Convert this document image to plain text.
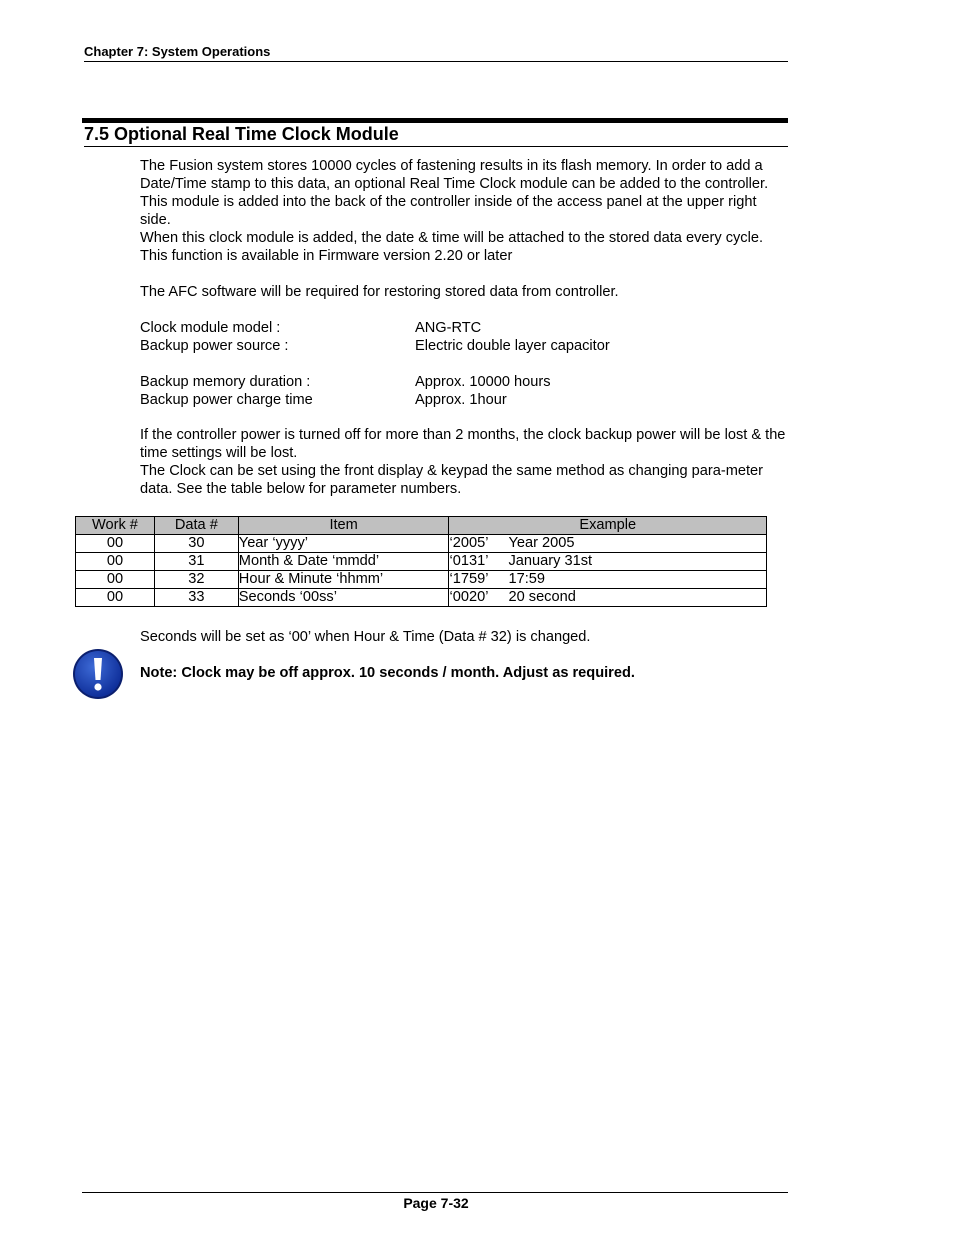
Chapter 7: System Operations
7.5 Optional Real Time Clock Module

The Fusion system stores 10000 cycles of fastening results in its flash memory. In order to add a Date/Time stamp to this data, an optional Real Time Clock module can be added to the controller. This module is added into the back of the controller inside of the access panel at the upper right side.

When this clock module is added, the date & time will be attached to the stored data every cycle. This function is available in Firmware version 2.20 or later

The AFC software will be required for restoring stored data from controller.

Clock module model :	ANG-RTC
Backup power source :	Electric double layer capacitor
Backup memory duration :	Approx. 10000 hours
Backup power charge time	Approx. 1hour

If the controller power is turned off for more than 2 months, the clock backup power will be lost & the time settings will be lost.
The Clock can be set using the front display & keypad the same method as changing para-meter data. See the table below for parameter numbers.

Work #	Data #	Item	Example
00	30	Year ‘yyyy’	‘2005’ Year 2005
00	31	Month & Date ‘mmdd’	‘0131’ January 31st
00	32	Hour & Minute ‘hhmm’	‘1759’ 17:59
00	33	Seconds ‘00ss’	‘0020’ 20 second

Seconds will be set as ‘00’ when Hour & Time (Data # 32) is changed.

Note: Clock may be off approx. 10 seconds / month. Adjust as required.

Page 7-32
